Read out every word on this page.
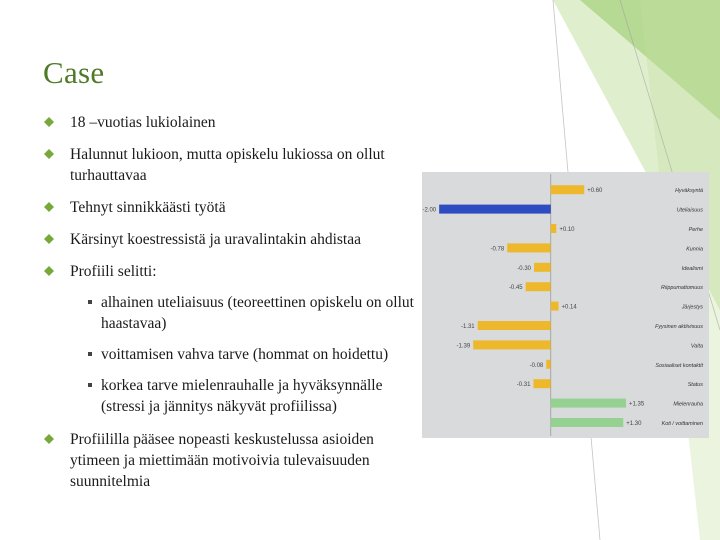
Case
18 –vuotias lukiolainen
Halunnut lukioon, mutta opiskelu lukiossa on ollut turhauttavaa
Tehnyt sinnikkäästi työtä
Kärsinyt koestressistä ja uravalintakin ahdistaa
Profiili selitti:
alhainen uteliaisuus (teoreettinen opiskelu on ollut haastavaa)
voittamisen vahva tarve (hommat on hoidettu)
korkea tarve mielenrauhalle ja hyväksynnälle (stressi ja jännitys näkyvät profiilissa)
Profiililla pääsee nopeasti keskustelussa asioiden ytimeen ja miettimään motivoivia tulevaisuuden suunnitelmia
+0.60	Hyväksyntä
-2.00	Uteliaisuus
+0.10	Perhe
-0.78	Kunnia
-0.30	Idealismi
-0.45	Riippumattomuus
+0.14	Järjestys
-1.31	Fyysinen aktiivisuus
-1.39	Valta
-0.08	Sosiaaliset kontaktit
-0.31	Status
+1.35	Mielenrauha
+1.30	Koti / voittaminen
